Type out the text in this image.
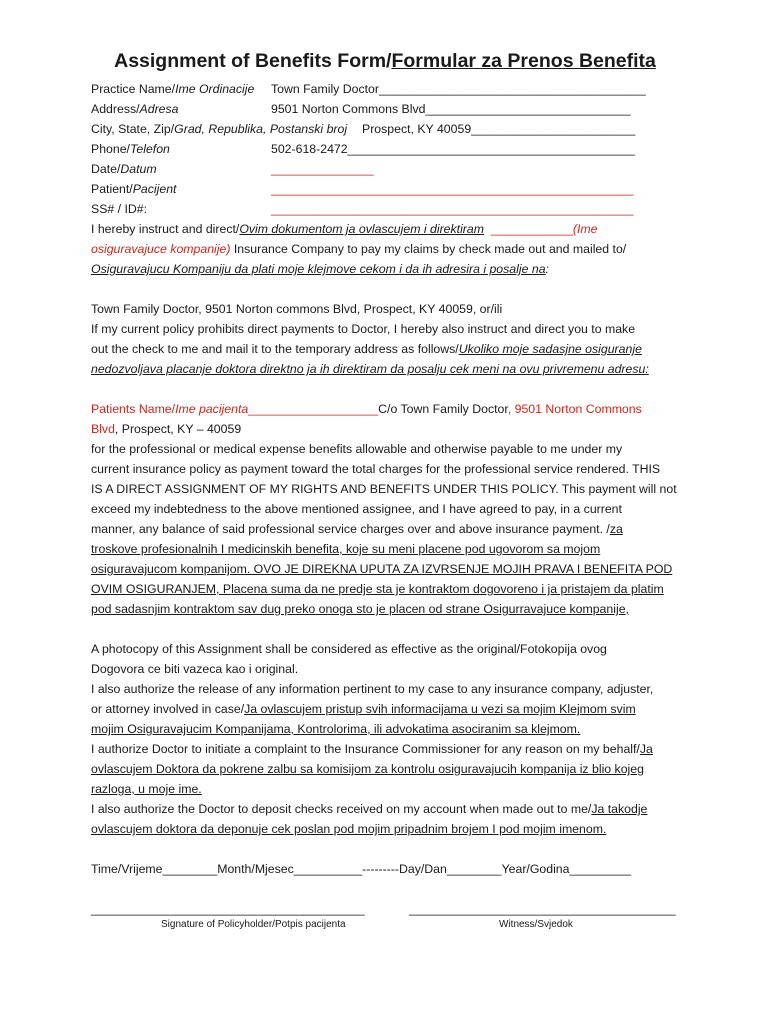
Assignment of Benefits Form/Formular za Prenos Benefita
Practice Name/Ime Ordinacije Town Family Doctor_______________________________________
Address/Adresa	9501 Norton Commons Blvd______________________________
City, State, Zip/Grad, Republika, Postanski broj Prospect, KY 40059________________________
Phone/Telefon	502-618-2472__________________________________________
Date/Datum	_______________
Patient/Pacijent	_____________________________________________________
SS# / ID#:	_____________________________________________________
I hereby instruct and direct/Ovim dokumentom ja ovlascujem i direktiram ____________(Ime
osiguravajuce kompanije) Insurance Company to pay my claims by check made out and mailed to/
Osiguravajucu Kompaniju da plati moje klejmove cekom i da ih adresira i posalje na:
Town Family Doctor, 9501 Norton commons Blvd, Prospect, KY 40059, or/ili
If my current policy prohibits direct payments to Doctor, I hereby also instruct and direct you to make
out the check to me and mail it to the temporary address as follows/Ukoliko moje sadasjne osiguranje
nedozvoljava placanje doktora direktno ja ih direktiram da posalju cek meni na ovu privremenu adresu:
Patients Name/Ime pacijenta___________________C/o Town Family Doctor, 9501 Norton Commons
Blvd, Prospect, KY – 40059
for the professional or medical expense benefits allowable and otherwise payable to me under my
current insurance policy as payment toward the total charges for the professional service rendered. THIS
IS A DIRECT ASSIGNMENT OF MY RIGHTS AND BENEFITS UNDER THIS POLICY. This payment will not
exceed my indebtedness to the above mentioned assignee, and I have agreed to pay, in a current
manner, any balance of said professional service charges over and above insurance payment. /za
troskove profesionalnih I medicinskih benefita, koje su meni placene pod ugovorom sa mojom
osiguravajucom kompanijom. OVO JE DIREKNA UPUTA ZA IZVRSENJE MOJIH PRAVA I BENEFITA POD
OVIM OSIGURANJEM, Placena suma da ne predje sta je kontraktom dogovoreno i ja pristajem da platim
pod sadasnjim kontraktom sav dug preko onoga sto je placen od strane Osigurravajuce kompanije,
A photocopy of this Assignment shall be considered as effective as the original/Fotokopija ovog
Dogovora ce biti vazeca kao i original.
I also authorize the release of any information pertinent to my case to any insurance company, adjuster,
or attorney involved in case/Ja ovlascujem pristup svih informacijama u vezi sa mojim Klejmom svim
mojim Osiguravajucim Kompanijama, Kontrolorima, ili advokatima asociranim sa klejmom.
I authorize Doctor to initiate a complaint to the Insurance Commissioner for any reason on my behalf/Ja
ovlascujem Doktora da pokrene zalbu sa komisijom za kontrolu osiguravajucih kompanija iz blio kojeg
razloga, u moje ime.
I also authorize the Doctor to deposit checks received on my account when made out to me/Ja takodje
ovlascujem doktora da deponuje cek poslan pod mojim pripadnim brojem I pod mojim imenom.
Time/Vrijeme________Month/Mjesec__________---------Day/Dan________Year/Godina_________
________________________________________	_______________________________________
Signature of Policyholder/Potpis pacijenta	Witness/Svjedok
